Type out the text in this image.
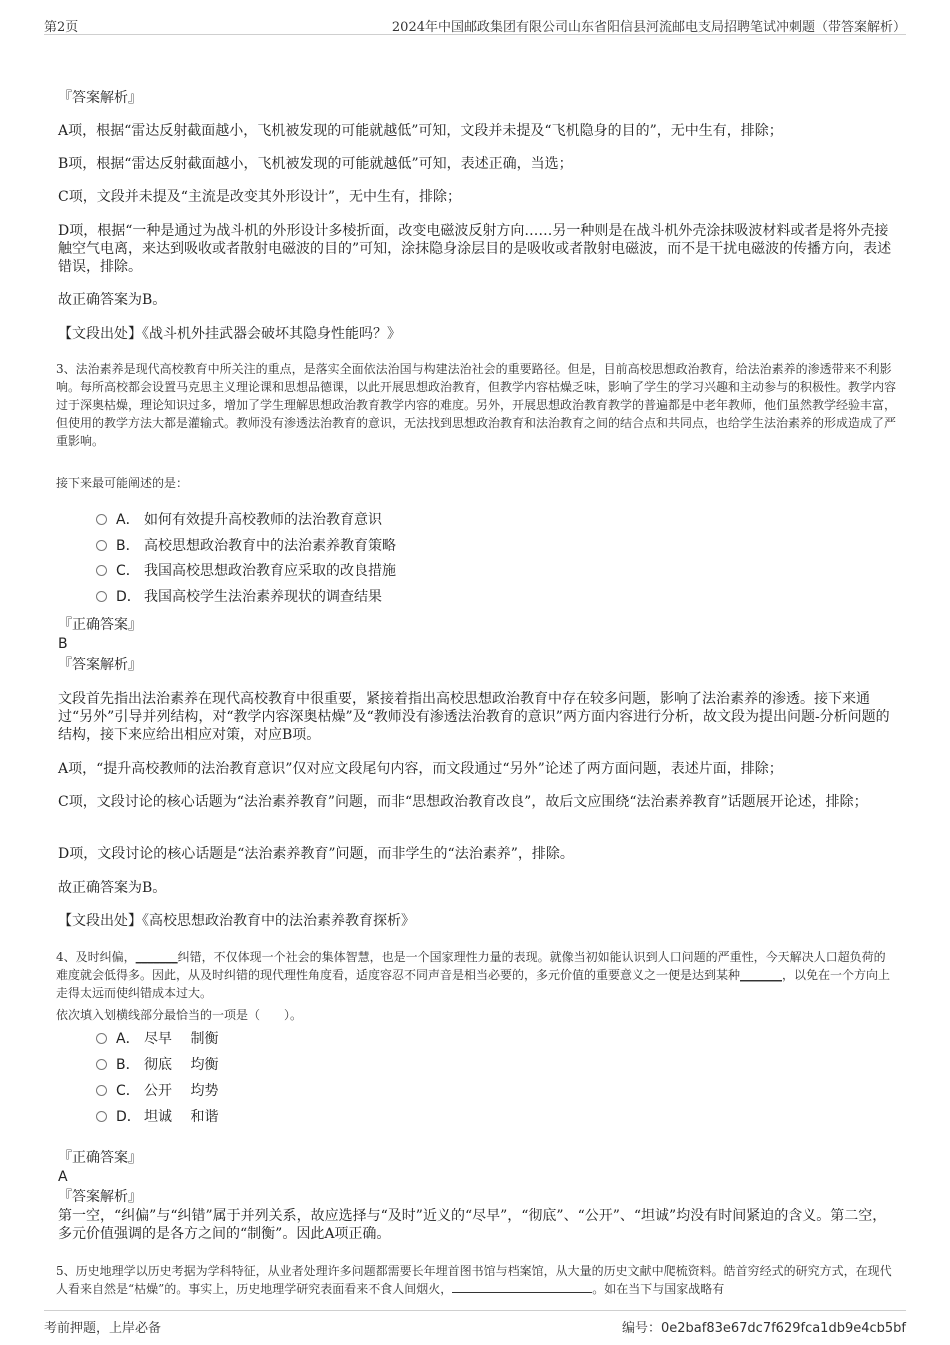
第2页	2024年中国邮政集团有限公司山东省阳信县河流邮电支局招聘笔试冲刺题（带答案解析）

『答案解析』

A项，根据“雷达反射截面越小，飞机被发现的可能就越低”可知，文段并未提及“飞机隐身的目的”，无中生有，排除；

B项，根据“雷达反射截面越小，飞机被发现的可能就越低”可知，表述正确，当选；

C项，文段并未提及“主流是改变其外形设计”，无中生有，排除；

D项，根据“一种是通过为战斗机的外形设计多棱折面，改变电磁波反射方向……另一种则是在战斗机外壳涂抹吸波材料或者是将外壳接触空气电离，来达到吸收或者散射电磁波的目的”可知，涂抹隐身涂层目的是吸收或者散射电磁波，而不是干扰电磁波的传播方向，表述错误，排除。

故正确答案为B。

【文段出处】《战斗机外挂武器会破坏其隐身性能吗？》

3、法治素养是现代高校教育中所关注的重点，是落实全面依法治国与构建法治社会的重要路径。但是，目前高校思想政治教育，给法治素养的渗透带来不利影响。每所高校都会设置马克思主义理论课和思想品德课，以此开展思想政治教育，但教学内容枯燥乏味，影响了学生的学习兴趣和主动参与的积极性。教学内容过于深奥枯燥，理论知识过多，增加了学生理解思想政治教育教学内容的难度。另外，开展思想政治教育教学的普遍都是中老年教师，他们虽然教学经验丰富，但使用的教学方法大都是灌输式。教师没有渗透法治教育的意识，无法找到思想政治教育和法治教育之间的结合点和共同点，也给学生法治素养的形成造成了严重影响。

接下来最可能阐述的是：

A． 如何有效提升高校教师的法治教育意识
B． 高校思想政治教育中的法治素养教育策略
C． 我国高校思想政治教育应采取的改良措施
D． 我国高校学生法治素养现状的调查结果

『正确答案』

B

『答案解析』

文段首先指出法治素养在现代高校教育中很重要，紧接着指出高校思想政治教育中存在较多问题，影响了法治素养的渗透。接下来通过“另外”引导并列结构，对“教学内容深奥枯燥”及“教师没有渗透法治教育的意识”两方面内容进行分析，故文段为提出问题-分析问题的结构，接下来应给出相应对策，对应B项。

A项，“提升高校教师的法治教育意识”仅对应文段尾句内容，而文段通过“另外”论述了两方面问题，表述片面，排除；

C项，文段讨论的核心话题为“法治素养教育”问题，而非“思想政治教育改良”，故后文应围绕“法治素养教育”话题展开论述，排除；

D项，文段讨论的核心话题是“法治素养教育”问题，而非学生的“法治素养”，排除。

故正确答案为B。

【文段出处】《高校思想政治教育中的法治素养教育探析》

4、及时纠偏，_______纠错，不仅体现一个社会的集体智慧，也是一个国家理性力量的表现。就像当初如能认识到人口问题的严重性，今天解决人口超负荷的难度就会低得多。因此，从及时纠错的现代理性角度看，适度容忍不同声音是相当必要的，多元价值的重要意义之一便是达到某种_______，以免在一个方向上走得太远而使纠错成本过大。

依次填入划横线部分最恰当的一项是（　　）。

A． 尽早　 制衡
B． 彻底　 均衡
C． 公开　 均势
D． 坦诚　 和谐

『正确答案』

A

『答案解析』

第一空，“纠偏”与“纠错”属于并列关系，故应选择与“及时”近义的“尽早”，“彻底”、“公开”、“坦诚”均没有时间紧迫的含义。第二空，多元价值强调的是各方之间的“制衡”。因此A项正确。

5、历史地理学以历史考据为学科特征，从业者处理许多问题都需要长年埋首图书馆与档案馆，从大量的历史文献中爬梳资料。皓首穷经式的研究方式，在现代人看来自然是“枯燥”的。事实上，历史地理学研究表面看来不食人间烟火，	。如在当下与国家战略有

考前押题，上岸必备	编号：0e2baf83e67dc7f629fca1db9e4cb5bf
